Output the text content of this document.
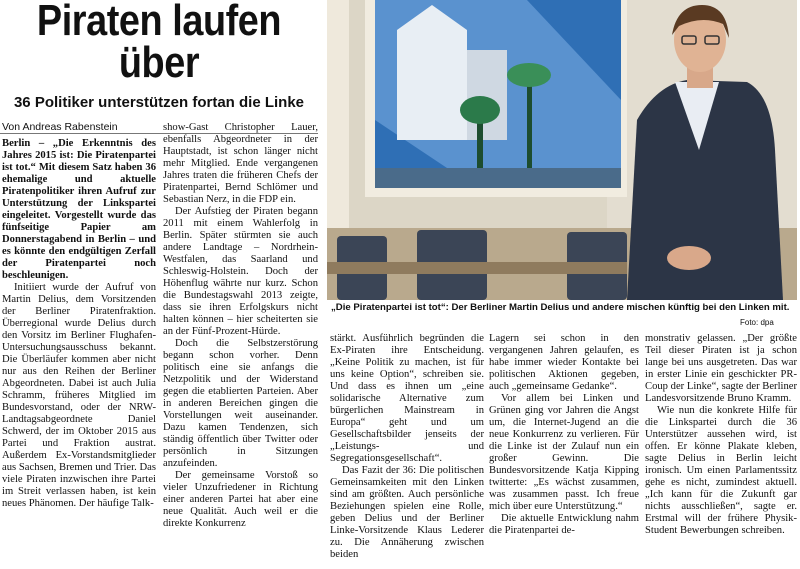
Piraten laufen über
36 Politiker unterstützen fortan die Linke
Von Andreas Rabenstein
„Die Piratenpartei ist tot“: Der Berliner Martin Delius und andere mischen künftig bei den Linken mit.
Foto: dpa

Berlin – „Die Erkenntnis des Jahres 2015 ist: Die Piratenpartei ist tot.“ Mit diesem Satz haben 36 ehemalige und aktuelle Piratenpolitiker ihren Aufruf zur Unterstützung der Linkspartei eingeleitet. Vorgestellt wurde das fünfseitige Papier am Donnerstagabend in Berlin – und es könnte den endgültigen Zerfall der Piratenpartei noch beschleunigen.

Initiiert wurde der Aufruf von Martin Delius, dem Vorsitzenden der Berliner Piratenfraktion. Überregional wurde Delius durch den Vorsitz im Berliner Flughafen-Untersuchungsausschuss bekannt. Die Überläufer kommen aber nicht nur aus den Reihen der Berliner Abgeordneten. Dabei ist auch Julia Schramm, früheres Mitglied im Bundesvorstand, oder der NRW-Landtagsabgeordnete Daniel Schwerd, der im Oktober 2015 aus Partei und Fraktion austrat. Außerdem Ex-Vorstandsmitglieder aus Sachsen, Bremen und Trier. Das viele Piraten inzwischen ihre Partei im Streit verlassen haben, ist kein neues Phänomen. Der häufige Talk-

show-Gast Christopher Lauer, ebenfalls Abgeordneter in der Hauptstadt, ist schon länger nicht mehr Mitglied. Ende vergangenen Jahres traten die früheren Chefs der Piratenpartei, Bernd Schlömer und Sebastian Nerz, in die FDP ein.

Der Aufstieg der Piraten begann 2011 mit einem Wahlerfolg in Berlin. Später stürmten sie auch andere Landtage – Nordrhein-Westfalen, das Saarland und Schleswig-Holstein. Doch der Höhenflug währte nur kurz. Schon die Bundestagswahl 2013 zeigte, dass sie ihren Erfolgskurs nicht halten können – hier scheiterten sie an der Fünf-Prozent-Hürde.

Doch die Selbstzerstörung begann schon vorher. Denn politisch eine sie anfangs die Netzpolitik und der Widerstand gegen die etablierten Parteien. Aber in anderen Bereichen gingen die Vorstellungen weit auseinander. Dazu kamen Tendenzen, sich ständig öffentlich über Twitter oder persönlich in Sitzungen anzufeinden.

Der gemeinsame Vorstoß so vieler Unzufriedener in Richtung einer anderen Partei hat aber eine neue Qualität. Auch weil er die direkte Konkurrenz

stärkt. Ausführlich begründen die Ex-Piraten ihre Entscheidung. „Keine Politik zu machen, ist für uns keine Option“, schreiben sie. Und dass es ihnen um „eine solidarische Alternative zum bürgerlichen Mainstream in Europa“ geht und um Gesellschaftsbilder jenseits der „Leistungs- und Segregationsgesellschaft“.

Das Fazit der 36: Die politischen Gemeinsamkeiten mit den Linken sind am größten. Auch persönliche Beziehungen spielen eine Rolle, geben Delius und der Berliner Linke-Vorsitzende Klaus Lederer zu. Die Annäherung zwischen beiden

Lagern sei schon in den vergangenen Jahren gelaufen, es habe immer wieder Kontakte bei politischen Aktionen gegeben, auch „gemeinsame Gedanke“.

Vor allem bei Linken und Grünen ging vor Jahren die Angst um, die Internet-Jugend an die neue Konkurrenz zu verlieren. Für die Linke ist der Zulauf nun ein großer Gewinn. Die Bundesvorsitzende Katja Kipping twitterte: „Es wächst zusammen, was zusammen passt. Ich freue mich über eure Unterstützung.“

Die aktuelle Entwicklung nahm die Piratenpartei de-

monstrativ gelassen. „Der größte Teil dieser Piraten ist ja schon lange bei uns ausgetreten. Das war in erster Linie ein geschickter PR-Coup der Linke“, sagte der Berliner Landesvorsitzende Bruno Kramm.

Wie nun die konkrete Hilfe für die Linkspartei durch die 36 Unterstützer aussehen wird, ist offen. Er könne Plakate kleben, sagte Delius in Berlin leicht ironisch. Um einen Parlamentssitz gehe es nicht, zumindest aktuell. „Ich kann für die Zukunft gar nichts ausschließen“, sagte er. Erstmal will der frühere Physik-Student Bewerbungen schreiben.
